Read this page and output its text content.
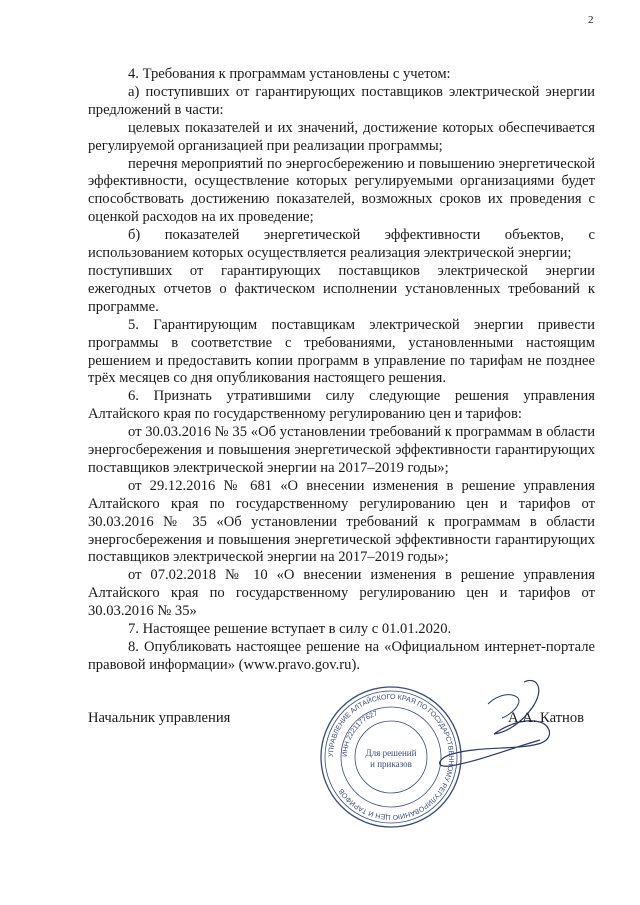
2

4. Требования к программам установлены с учетом:

а) поступивших от гарантирующих поставщиков электрической энергии предложений в части:

целевых показателей и их значений, достижение которых обеспечивается регулируемой организацией при реализации программы;

перечня мероприятий по энергосбережению и повышению энергетической эффективности, осуществление которых регулируемыми организациями будет способствовать достижению показателей, возможных сроков их проведения с оценкой расходов на их проведение;

б) показателей энергетической эффективности объектов, с использованием которых осуществляется реализация электрической энергии;

поступивших от гарантирующих поставщиков электрической энергии ежегодных отчетов о фактическом исполнении установленных требований к программе.

5. Гарантирующим поставщикам электрической энергии привести программы в соответствие с требованиями, установленными настоящим решением и предоставить копии программ в управление по тарифам не позднее трёх месяцев со дня опубликования настоящего решения.

6. Признать утратившими силу следующие решения управления Алтайского края по государственному регулированию цен и тарифов:

от 30.03.2016 № 35 «Об установлении требований к программам в области энергосбережения и повышения энергетической эффективности гарантирующих поставщиков электрической энергии на 2017–2019 годы»;

от 29.12.2016 № 681 «О внесении изменения в решение управления Алтайского края по государственному регулированию цен и тарифов от 30.03.2016 № 35 «Об установлении требований к программам в области энергосбережения и повышения энергетической эффективности гарантирующих поставщиков электрической энергии на 2017–2019 годы»;

от 07.02.2018 № 10 «О внесении изменения в решение управления Алтайского края по государственному регулированию цен и тарифов от 30.03.2016 № 35»

7. Настоящее решение вступает в силу с 01.01.2020.

8. Опубликовать настоящее решение на «Официальном интернет-портале правовой информации» (www.pravo.gov.ru).

Начальник управления
УПРАВЛЕНИЕ АЛТАЙСКОГО КРАЯ ПО ГОСУДАРСТВЕННОМУ РЕГУЛИРОВАНИЮ ЦЕН И ТАРИФОВ
ИНН 2221177627
Для решений
и приказов
А.А. Катнов
